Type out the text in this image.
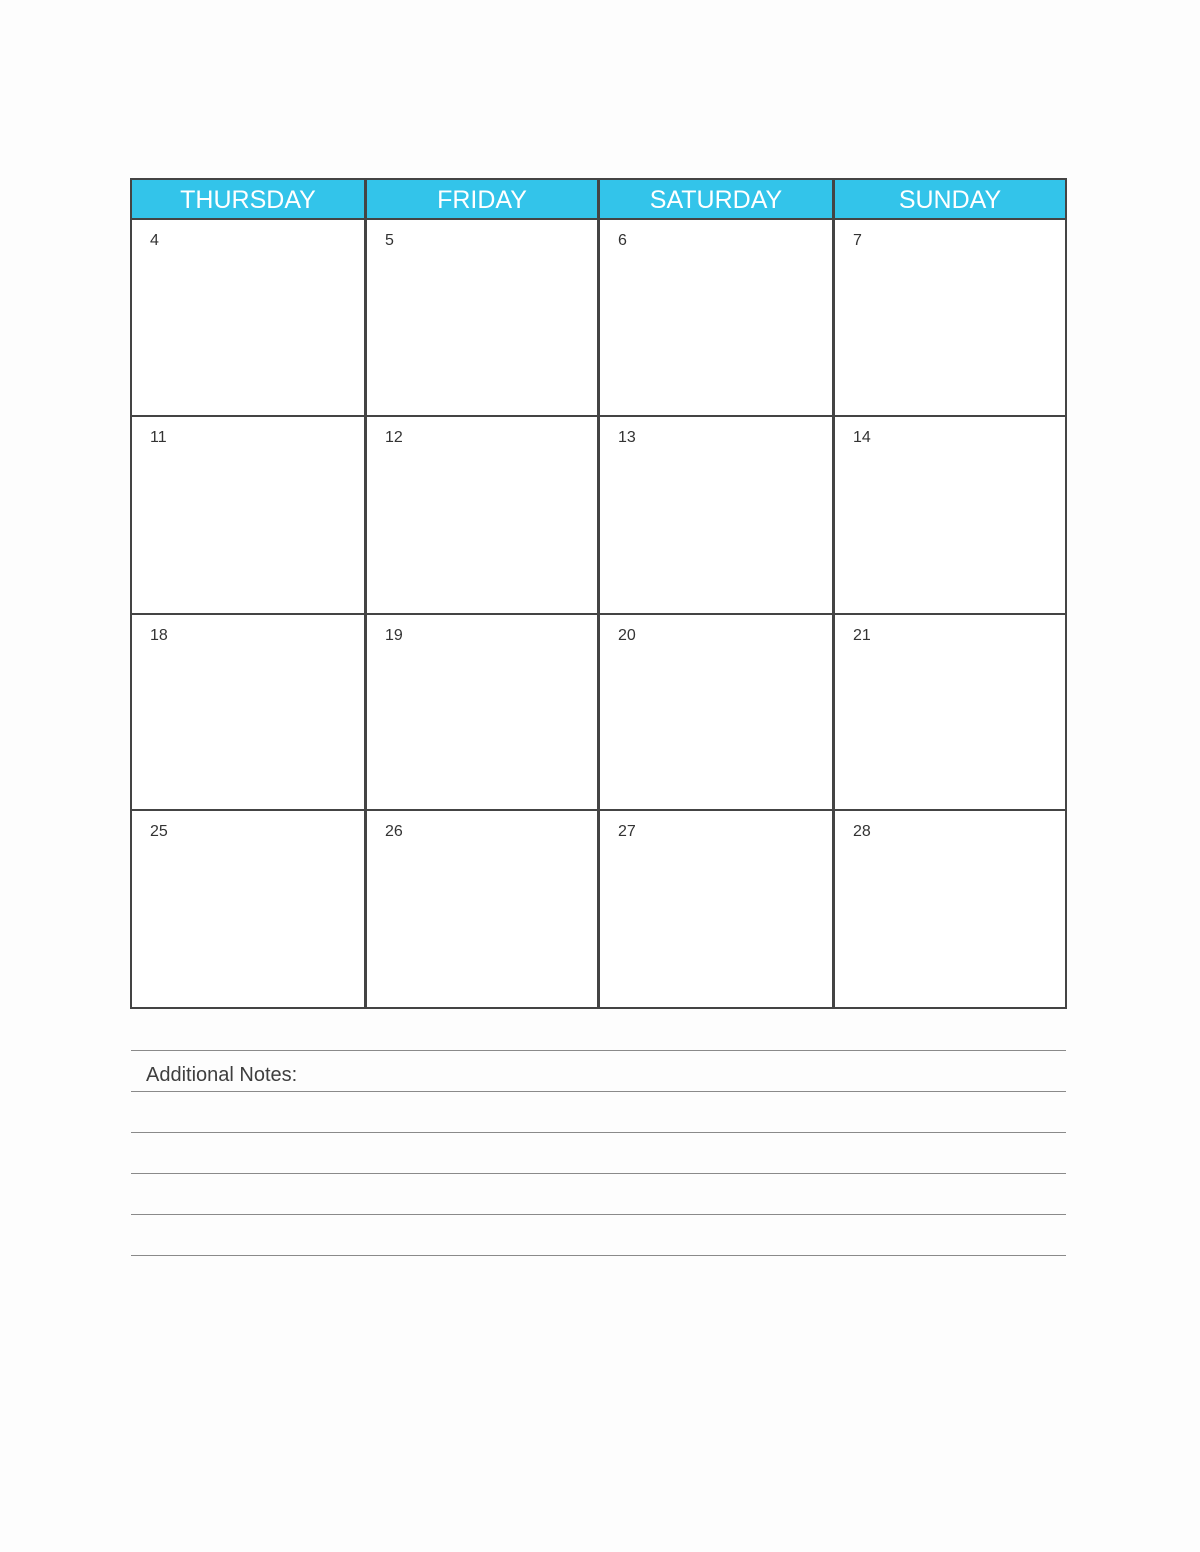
THURSDAY	FRIDAY	SATURDAY	SUNDAY
4	5	6	7
11	12	13	14
18	19	20	21
25	26	27	28
Additional Notes:
